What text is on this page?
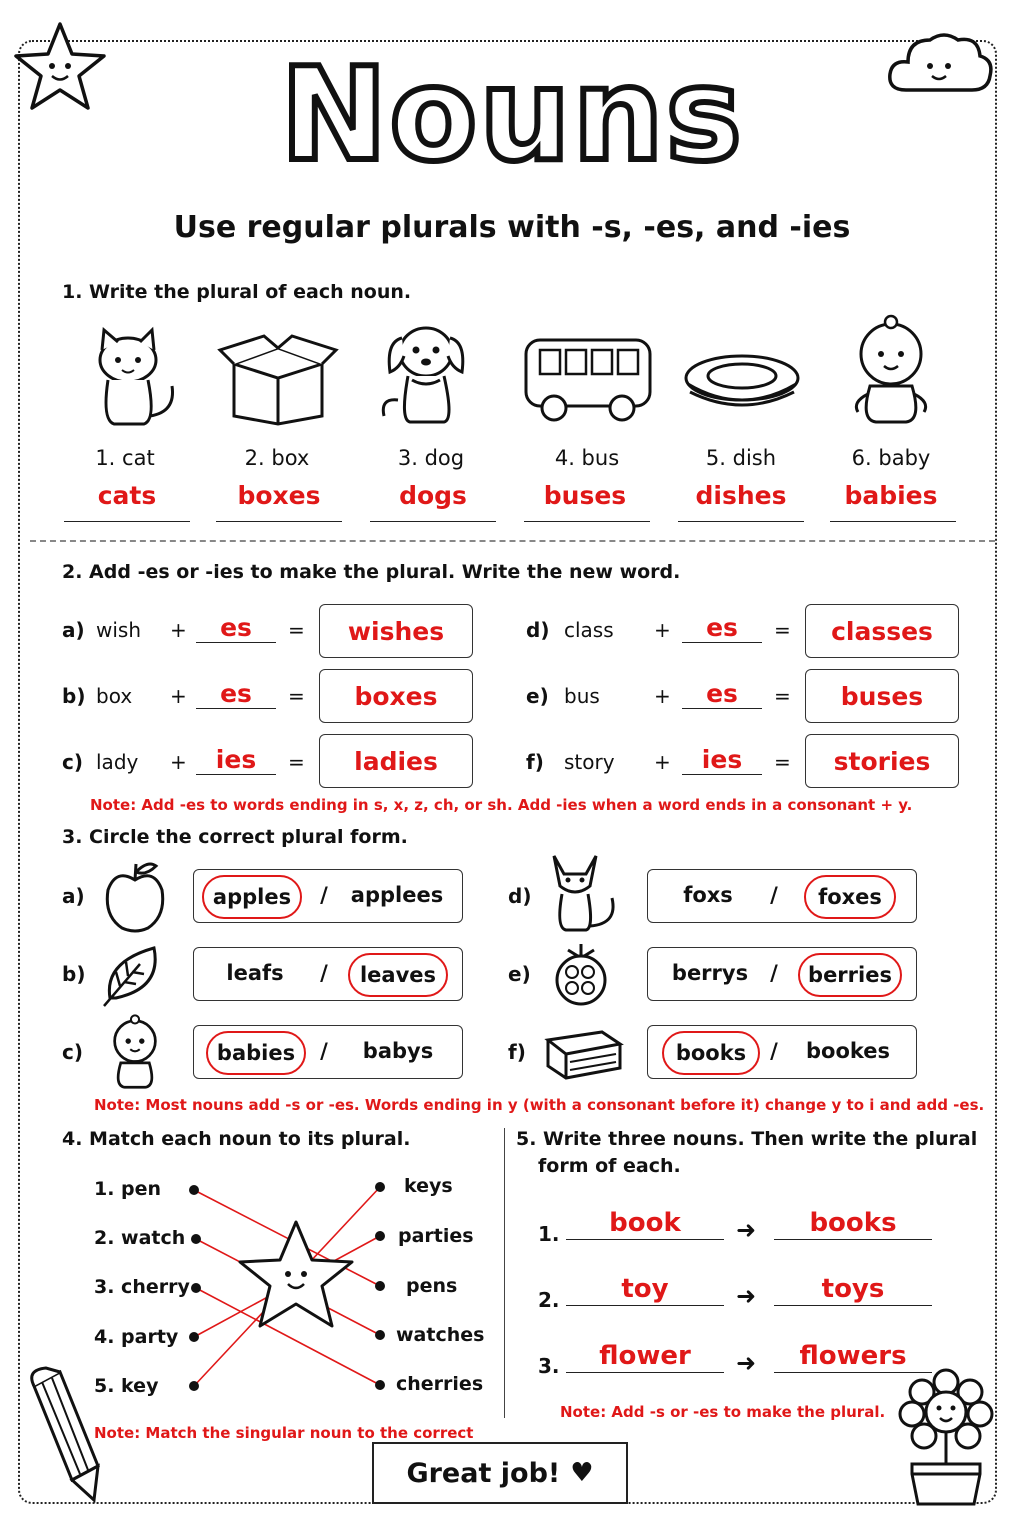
Nouns
Use regular plurals with -s, -es, and -ies
1. Write the plural of each noun.
1. cat	2. box	3. dog	4. bus	5. dish	6. baby
cats	boxes	dogs	buses	dishes	babies
2. Add -es or -ies to make the plural. Write the new word.
a) wish +	es	=	wishes
b) box +	es	=	boxes
c) lady +	ies	=	ladies
d) class +	es	=	classes
e) bus	+	es	=	buses
f) story +	ies	=	stories
Note: Add -es to words ending in s, x, z, ch, or sh. Add -ies when a word ends in a consonant + y.
3. Circle the correct plural form.
a)	apples	/	applees
b)	leafs	/	leaves
c)	babies	/	babys
d)	foxs	/	foxes
e)	berrys	/	berries
f)	books	/ bookes
Note: Most nouns add -s or -es. Words ending in y (with a consonant before it) change y to i and add -es.
4. Match each noun to its plural.
1. pen
2. watch
3. cherry
4. party
5. key
keys
parties
pens
watches
cherries
Note: Match the singular noun to the correct
5. Write three nouns. Then write the plural
form of each.
1.	book	➜	books
2.	toy	➜	toys
3.	flower	➜	flowers
Note: Add -s or -es to make the plural.
Great job! ♥
